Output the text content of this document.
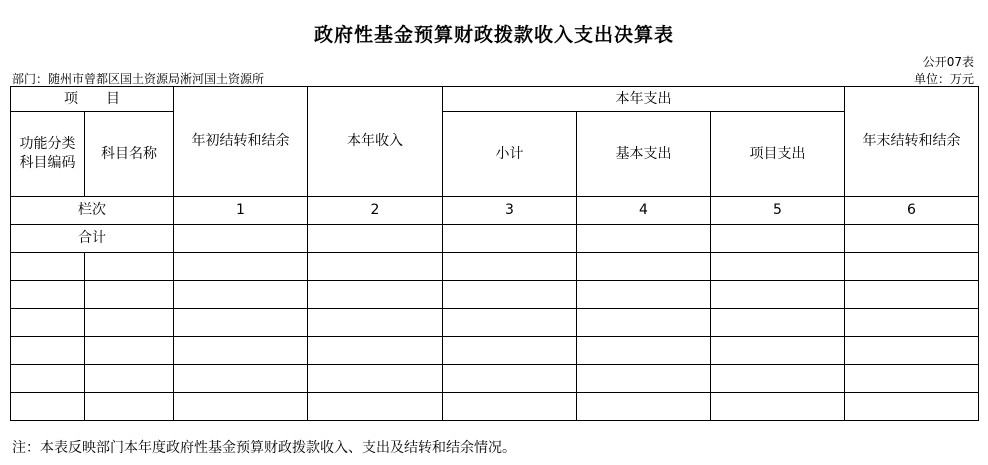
政府性基金预算财政拨款收入支出决算表
公开07表
部门：随州市曾都区国土资源局淅河国土资源所	单位：万元
项　　目		年初结转和结余	本年收入	本年支出			年末结转和结余

功能分类
科目编码	科目名称			小计	基本支出	项目支出	

栏次		1	2	3	4	5	6
合计							

注：本表反映部门本年度政府性基金预算财政拨款收入、支出及结转和结余情况。
